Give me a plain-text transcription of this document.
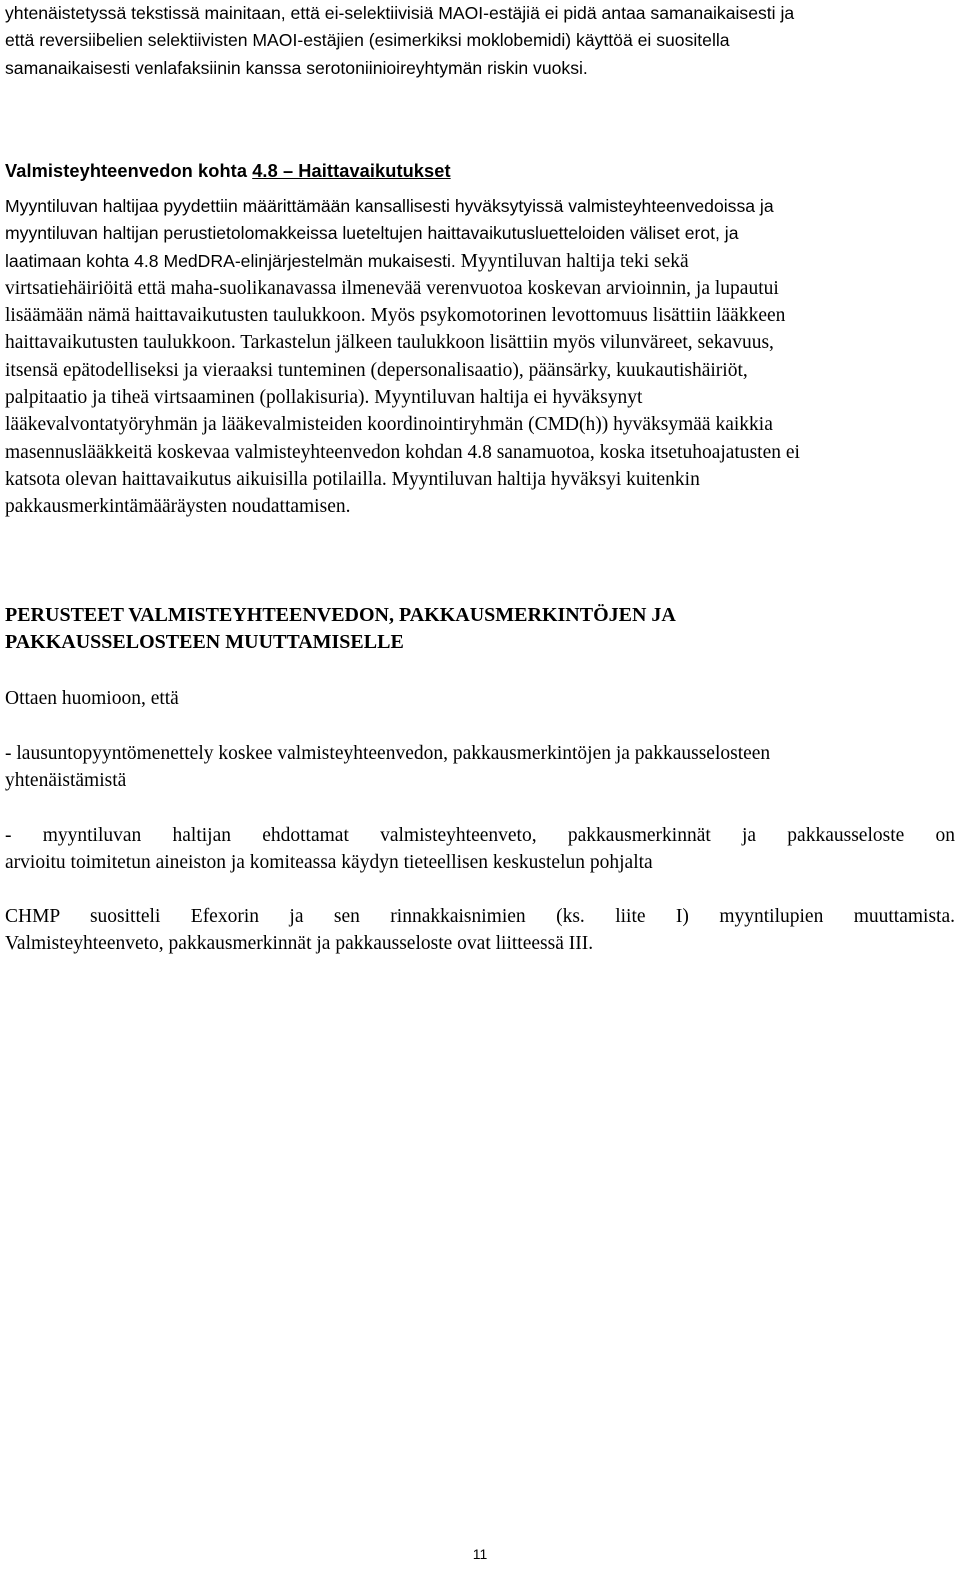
yhtenäistetyssä tekstissä mainitaan, että ei-selektiivisiä MAOI-estäjiä ei pidä antaa samanaikaisesti ja
että reversiibelien selektiivisten MAOI-estäjien (esimerkiksi moklobemidi) käyttöä ei suositella
samanaikaisesti venlafaksiinin kanssa serotoniinioireyhtymän riskin vuoksi.
Valmisteyhteenvedon kohta 4.8 – Haittavaikutukset
Myyntiluvan haltijaa pyydettiin määrittämään kansallisesti hyväksytyissä valmisteyhteenvedoissa ja
myyntiluvan haltijan perustietolomakkeissa lueteltujen haittavaikutusluetteloiden väliset erot, ja
laatimaan kohta 4.8 MedDRA-elinjärjestelmän mukaisesti. Myyntiluvan haltija teki sekä
virtsatiehäiriöitä että maha-suolikanavassa ilmenevää verenvuotoa koskevan arvioinnin, ja lupautui
lisäämään nämä haittavaikutusten taulukkoon. Myös psykomotorinen levottomuus lisättiin lääkkeen
haittavaikutusten taulukkoon. Tarkastelun jälkeen taulukkoon lisättiin myös vilunväreet, sekavuus,
itsensä epätodelliseksi ja vieraaksi tunteminen (depersonalisaatio), päänsärky, kuukautishäiriöt,
palpitaatio ja tiheä virtsaaminen (pollakisuria). Myyntiluvan haltija ei hyväksynyt
lääkevalvontatyöryhmän ja lääkevalmisteiden koordinointiryhmän (CMD(h)) hyväksymää kaikkia
masennuslääkkeitä koskevaa valmisteyhteenvedon kohdan 4.8 sanamuotoa, koska itsetuhoajatusten ei
katsota olevan haittavaikutus aikuisilla potilailla. Myyntiluvan haltija hyväksyi kuitenkin
pakkausmerkintämääräysten noudattamisen.
PERUSTEET VALMISTEYHTEENVEDON, PAKKAUSMERKINTÖJEN JA
PAKKAUSSELOSTEEN MUUTTAMISELLE
Ottaen huomioon, että
- lausuntopyyntömenettely koskee valmisteyhteenvedon, pakkausmerkintöjen ja pakkausselosteen
yhtenäistämistä
- myyntiluvan haltijan ehdottamat valmisteyhteenveto, pakkausmerkinnät ja pakkausseloste on
arvioitu toimitetun aineiston ja komiteassa käydyn tieteellisen keskustelun pohjalta
CHMP suositteli Efexorin ja sen rinnakkaisnimien (ks. liite I) myyntilupien muuttamista.
Valmisteyhteenveto, pakkausmerkinnät ja pakkausseloste ovat liitteessä III.
11
